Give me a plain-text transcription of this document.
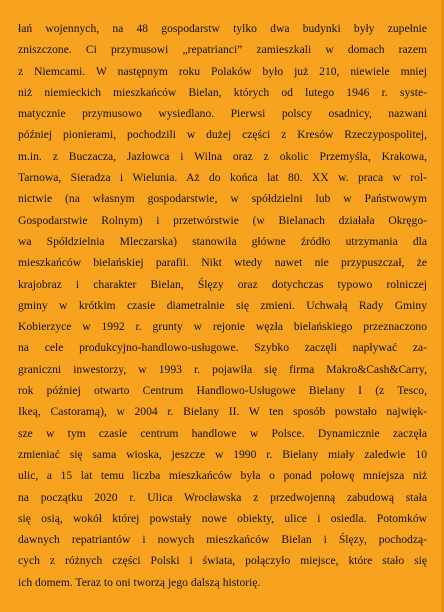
łań wojennych, na 48 gospodarstw tylko dwa budynki były zupełnie
zniszczone. Ci przymusowi „repatrianci” zamieszkali w domach razem
z Niemcami. W następnym roku Polaków było już 210, niewiele mniej
niż niemieckich mieszkańców Bielan, których od lutego 1946 r. syste-
matycznie przymusowo wysiedlano. Pierwsi polscy osadnicy, nazwani
później pionierami, pochodzili w dużej części z Kresów Rzeczypospolitej,
m.in. z Buczacza, Jazłowca i Wilna oraz z okolic Przemyśla, Krakowa,
Tarnowa, Sieradza i Wielunia. Aż do końca lat 80. XX w. praca w rol-
nictwie (na własnym gospodarstwie, w spółdzielni lub w Państwowym
Gospodarstwie Rolnym) i przetwórstwie (w Bielanach działała Okręgo-
wa Spółdzielnia Mleczarska) stanowiła główne źródło utrzymania dla
mieszkańców bielańskiej parafii. Nikt wtedy nawet nie przypuszczał, że
krajobraz i charakter Bielan, Ślęzy oraz dotychczas typowo rolniczej
gminy w krótkim czasie diametralnie się zmieni. Uchwałą Rady Gminy
Kobierzyce w 1992 r. grunty w rejonie węzła bielańskiego przeznaczono
na cele produkcyjno-handlowo-usługowe. Szybko zaczęli napływać za-
graniczni inwestorzy, w 1993 r. pojawiła się firma Makro&Cash&Carry,
rok później otwarto Centrum Handlowo-Usługowe Bielany I (z Tesco,
Ikeą, Castoramą), w 2004 r. Bielany II. W ten sposób powstało najwięk-
sze w tym czasie centrum handlowe w Polsce. Dynamicznie zaczęła
zmieniać się sama wioska, jeszcze w 1990 r. Bielany miały zaledwie 10
ulic, a 15 lat temu liczba mieszkańców była o ponad połowę mniejsza niż
na początku 2020 r. Ulica Wrocławska z przedwojenną zabudową stała
się osią, wokół której powstały nowe obiekty, ulice i osiedla. Potomków
dawnych repatriantów i nowych mieszkańców Bielan i Ślęzy, pochodzą-
cych z różnych części Polski i świata, połączyło miejsce, które stało się
ich domem. Teraz to oni tworzą jego dalszą historię.
